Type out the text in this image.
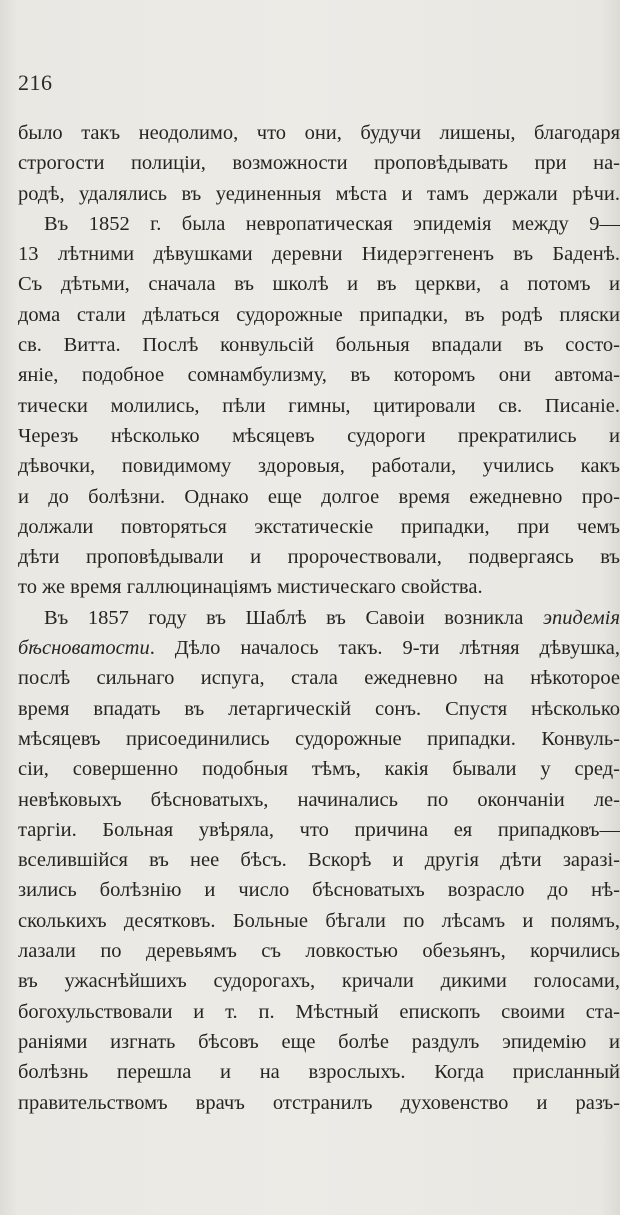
216
было такъ неодолимо, что они, будучи лишены, благодаря
строгости полиціи, возможности проповѣдывать при на-
родѣ, удалялись въ уединенныя мѣста и тамъ держали рѣчи.
Въ 1852 г. была невропатическая эпидемія между 9—
13 лѣтними дѣвушками деревни Нидерэггененъ въ Баденѣ.
Съ дѣтьми, сначала въ школѣ и въ церкви, а потомъ и
дома стали дѣлаться судорожные припадки, въ родѣ пляски
св. Витта. Послѣ конвульсій больныя впадали въ состо-
яніе, подобное сомнамбулизму, въ которомъ они автома-
тически молились, пѣли гимны, цитировали св. Писаніе.
Черезъ нѣсколько мѣсяцевъ судороги прекратились и
дѣвочки, повидимому здоровыя, работали, учились какъ
и до болѣзни. Однако еще долгое время ежедневно про-
должали повторяться экстатическіе припадки, при чемъ
дѣти проповѣдывали и пророчествовали, подвергаясь въ
то же время галлюцинаціямъ мистическаго свойства.
Въ 1857 году въ Шаблѣ въ Савоіи возникла эпидемія
бѣсноватости. Дѣло началось такъ. 9-ти лѣтняя дѣвушка,
послѣ сильнаго испуга, стала ежедневно на нѣкоторое
время впадать въ летаргическій сонъ. Спустя нѣсколько
мѣсяцевъ присоединились судорожные припадки. Конвуль-
сіи, совершенно подобныя тѣмъ, какія бывали у сред-
невѣковыхъ бѣсноватыхъ, начинались по окончаніи ле-
таргіи. Больная увѣряла, что причина ея припадковъ—
вселившійся въ нее бѣсъ. Вскорѣ и другія дѣти заразі-
зились болѣзнію и число бѣсноватыхъ возрасло до нѣ-
сколькихъ десятковъ. Больные бѣгали по лѣсамъ и полямъ,
лазали по деревьямъ съ ловкостью обезьянъ, корчились
въ ужаснѣйшихъ судорогахъ, кричали дикими голосами,
богохульствовали и т. п. Мѣстный епископъ своими ста-
раніями изгнать бѣсовъ еще болѣе раздулъ эпидемію и
болѣзнь перешла и на взрослыхъ. Когда присланный
правительствомъ врачъ отстранилъ духовенство и разъ-
